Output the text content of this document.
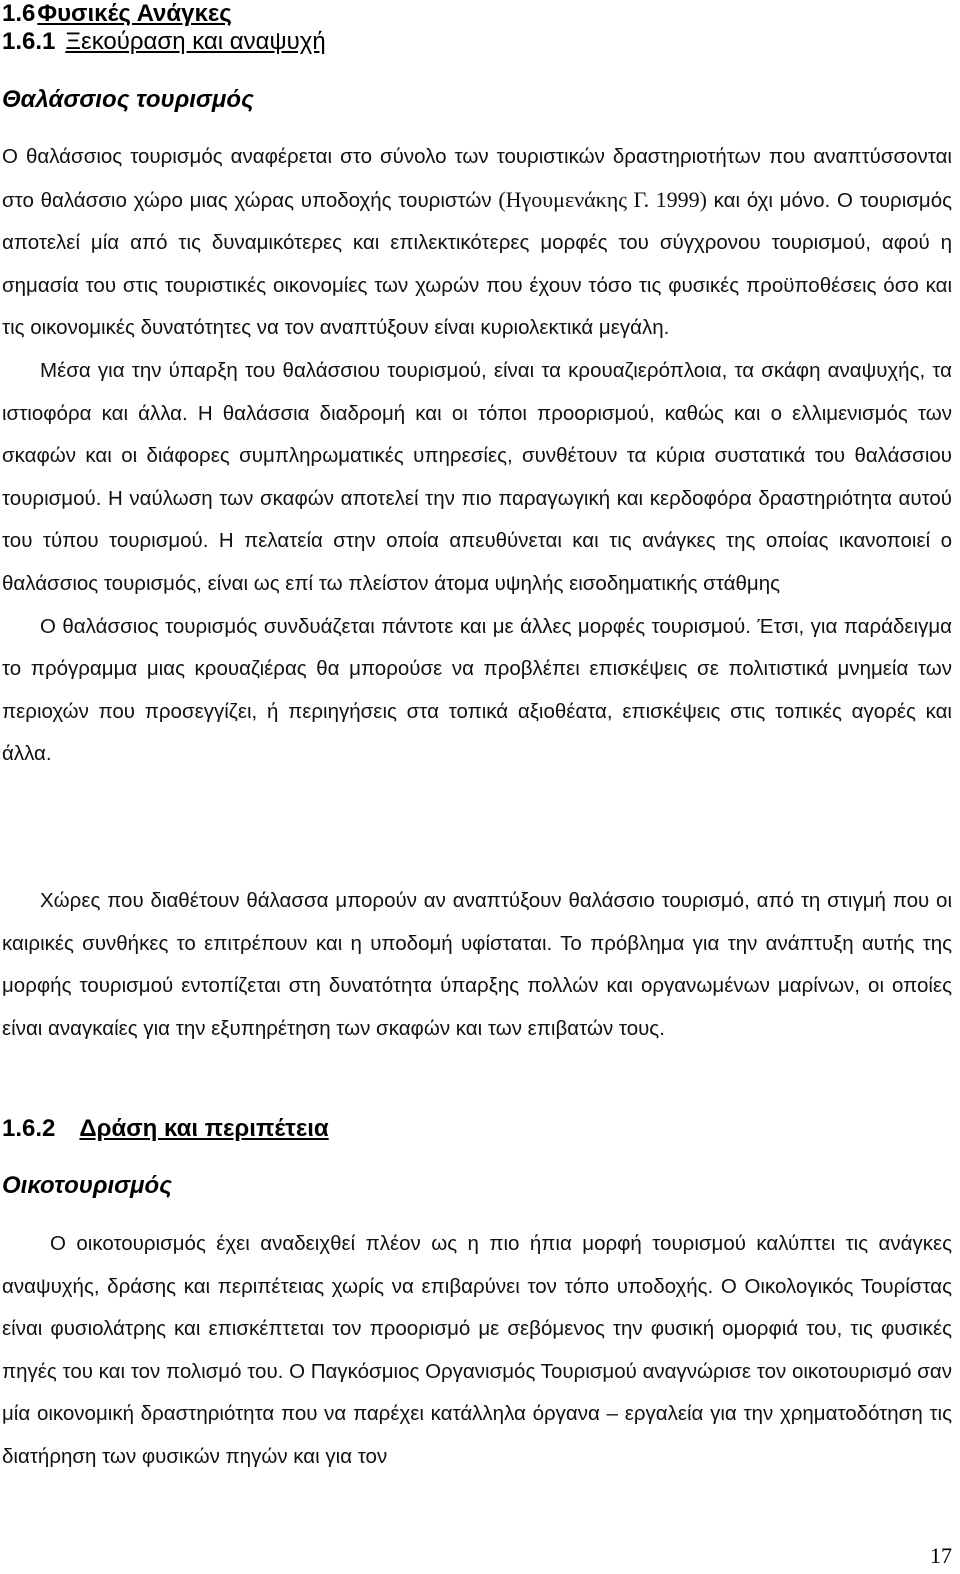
1.6Φυσικές Ανάγκες
1.6.1 Ξεκούραση και αναψυχή
Θαλάσσιος τουρισμός

Ο θαλάσσιος τουρισμός αναφέρεται στο σύνολο των τουριστικών δραστηριοτήτων που αναπτύσσονται στο θαλάσσιο χώρο μιας χώρας υποδοχής τουριστών (Ηγουμενάκης Γ. 1999) και όχι μόνο. Ο τουρισμός αποτελεί μία από τις δυναμικότερες και επιλεκτικότερες μορφές του σύγχρονου τουρισμού, αφού η σημασία του στις τουριστικές οικονομίες των χωρών που έχουν τόσο τις φυσικές προϋποθέσεις όσο και τις οικονομικές δυνατότητες να τον αναπτύξουν είναι κυριολεκτικά μεγάλη.

Μέσα για την ύπαρξη του θαλάσσιου τουρισμού, είναι τα κρουαζιερόπλοια, τα σκάφη αναψυχής, τα ιστιοφόρα και άλλα. Η θαλάσσια διαδρομή και οι τόποι προορισμού, καθώς και ο ελλιμενισμός των σκαφών και οι διάφορες συμπληρωματικές υπηρεσίες, συνθέτουν τα κύρια συστατικά του θαλάσσιου τουρισμού. Η ναύλωση των σκαφών αποτελεί την πιο παραγωγική και κερδοφόρα δραστηριότητα αυτού του τύπου τουρισμού. Η πελατεία στην οποία απευθύνεται και τις ανάγκες της οποίας ικανοποιεί ο θαλάσσιος τουρισμός, είναι ως επί τω πλείστον άτομα υψηλής εισοδηματικής στάθμης

Ο θαλάσσιος τουρισμός συνδυάζεται πάντοτε και με άλλες μορφές τουρισμού. Έτσι, για παράδειγμα το πρόγραμμα μιας κρουαζιέρας θα μπορούσε να προβλέπει επισκέψεις σε πολιτιστικά μνημεία των περιοχών που προσεγγίζει, ή περιηγήσεις στα τοπικά αξιοθέατα, επισκέψεις στις τοπικές αγορές και άλλα.

Χώρες που διαθέτουν θάλασσα μπορούν αν αναπτύξουν θαλάσσιο τουρισμό, από τη στιγμή που οι καιρικές συνθήκες το επιτρέπουν και η υποδομή υφίσταται. Το πρόβλημα για την ανάπτυξη αυτής της μορφής τουρισμού εντοπίζεται στη δυνατότητα ύπαρξης πολλών και οργανωμένων μαρίνων, οι οποίες είναι αναγκαίες για την εξυπηρέτηση των σκαφών και των επιβατών τους.

1.6.2 Δράση και περιπέτεια
Οικοτουρισμός

Ο οικοτουρισμός έχει αναδειχθεί πλέον ως η πιο ήπια μορφή τουρισμού καλύπτει τις ανάγκες αναψυχής, δράσης και περιπέτειας χωρίς να επιβαρύνει τον τόπο υποδοχής. Ο Οικολογικός Τουρίστας είναι φυσιολάτρης και επισκέπτεται τον προορισμό με σεβόμενος την φυσική ομορφιά του, τις φυσικές πηγές του και τον πολισμό του. Ο Παγκόσμιος Οργανισμός Τουρισμού αναγνώρισε τον οικοτουρισμό σαν μία οικονομική δραστηριότητα που να παρέχει κατάλληλα όργανα – εργαλεία για την χρηματοδότηση τις διατήρηση των φυσικών πηγών και για τον

17
